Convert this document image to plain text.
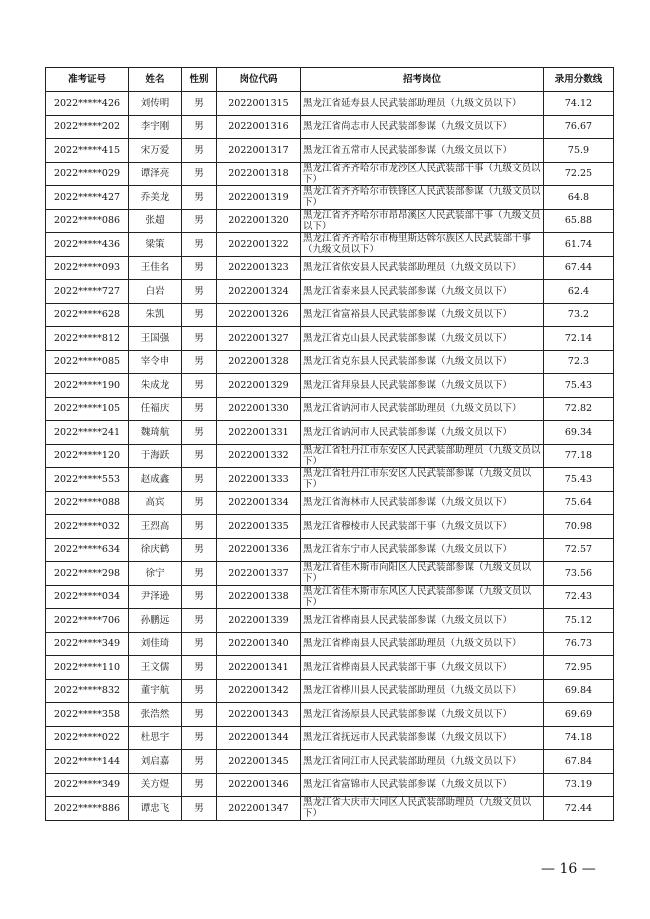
准考证号	姓名	性别	岗位代码	招考岗位	录用分数线
2022*****426	刘传明	男	2022001315	黑龙江省延寿县人民武装部助理员（九级文员以下）	74.12
2022*****202	李宇刚	男	2022001316	黑龙江省尚志市人民武装部参谋（九级文员以下）	76.67
2022*****415	宋万爱	男	2022001317	黑龙江省五常市人民武装部参谋（九级文员以下）	75.9
2022*****029	谭泽亮	男	2022001318	黑龙江省齐齐哈尔市龙沙区人民武装部干事（九级文员以下）	72.25
2022*****427	乔美龙	男	2022001319	黑龙江省齐齐哈尔市铁锋区人民武装部参谋（九级文员以下）	64.8
2022*****086	张超	男	2022001320	黑龙江省齐齐哈尔市昂昂溪区人民武装部干事（九级文员以下）	65.88
2022*****436	梁策	男	2022001322	黑龙江省齐齐哈尔市梅里斯达斡尔族区人民武装部干事（九级文员以下）	61.74
2022*****093	王佳名	男	2022001323	黑龙江省依安县人民武装部助理员（九级文员以下）	67.44
2022*****727	白岩	男	2022001324	黑龙江省泰来县人民武装部参谋（九级文员以下）	62.4
2022*****628	朱凯	男	2022001326	黑龙江省富裕县人民武装部参谋（九级文员以下）	73.2
2022*****812	王国强	男	2022001327	黑龙江省克山县人民武装部参谋（九级文员以下）	72.14
2022*****085	宰令申	男	2022001328	黑龙江省克东县人民武装部参谋（九级文员以下）	72.3
2022*****190	朱成龙	男	2022001329	黑龙江省拜泉县人民武装部参谋（九级文员以下）	75.43
2022*****105	任福庆	男	2022001330	黑龙江省讷河市人民武装部助理员（九级文员以下）	72.82
2022*****241	魏琦航	男	2022001331	黑龙江省讷河市人民武装部参谋（九级文员以下）	69.34
2022*****120	于海跃	男	2022001332	黑龙江省牡丹江市东安区人民武装部助理员（九级文员以下）	77.18
2022*****553	赵成鑫	男	2022001333	黑龙江省牡丹江市东安区人民武装部参谋（九级文员以下）	75.43
2022*****088	高宾	男	2022001334	黑龙江省海林市人民武装部参谋（九级文员以下）	75.64
2022*****032	王烈高	男	2022001335	黑龙江省穆棱市人民武装部干事（九级文员以下）	70.98
2022*****634	徐庆鹤	男	2022001336	黑龙江省东宁市人民武装部参谋（九级文员以下）	72.57
2022*****298	徐宁	男	2022001337	黑龙江省佳木斯市向阳区人民武装部参谋（九级文员以下）	73.56
2022*****034	尹泽逊	男	2022001338	黑龙江省佳木斯市东风区人民武装部参谋（九级文员以下）	72.43
2022*****706	孙鹏远	男	2022001339	黑龙江省桦南县人民武装部参谋（九级文员以下）	75.12
2022*****349	刘佳琦	男	2022001340	黑龙江省桦南县人民武装部助理员（九级文员以下）	76.73
2022*****110	王文儒	男	2022001341	黑龙江省桦南县人民武装部干事（九级文员以下）	72.95
2022*****832	董宇航	男	2022001342	黑龙江省桦川县人民武装部助理员（九级文员以下）	69.84
2022*****358	张浩然	男	2022001343	黑龙江省汤原县人民武装部参谋（九级文员以下）	69.69
2022*****022	杜思宇	男	2022001344	黑龙江省抚远市人民武装部参谋（九级文员以下）	74.18
2022*****144	刘启嘉	男	2022001345	黑龙江省同江市人民武装部助理员（九级文员以下）	67.84
2022*****349	关方煜	男	2022001346	黑龙江省富锦市人民武装部参谋（九级文员以下）	73.19
2022*****886	谭忠飞	男	2022001347	黑龙江省大庆市大同区人民武装部助理员（九级文员以下）	72.44
— 16 —
